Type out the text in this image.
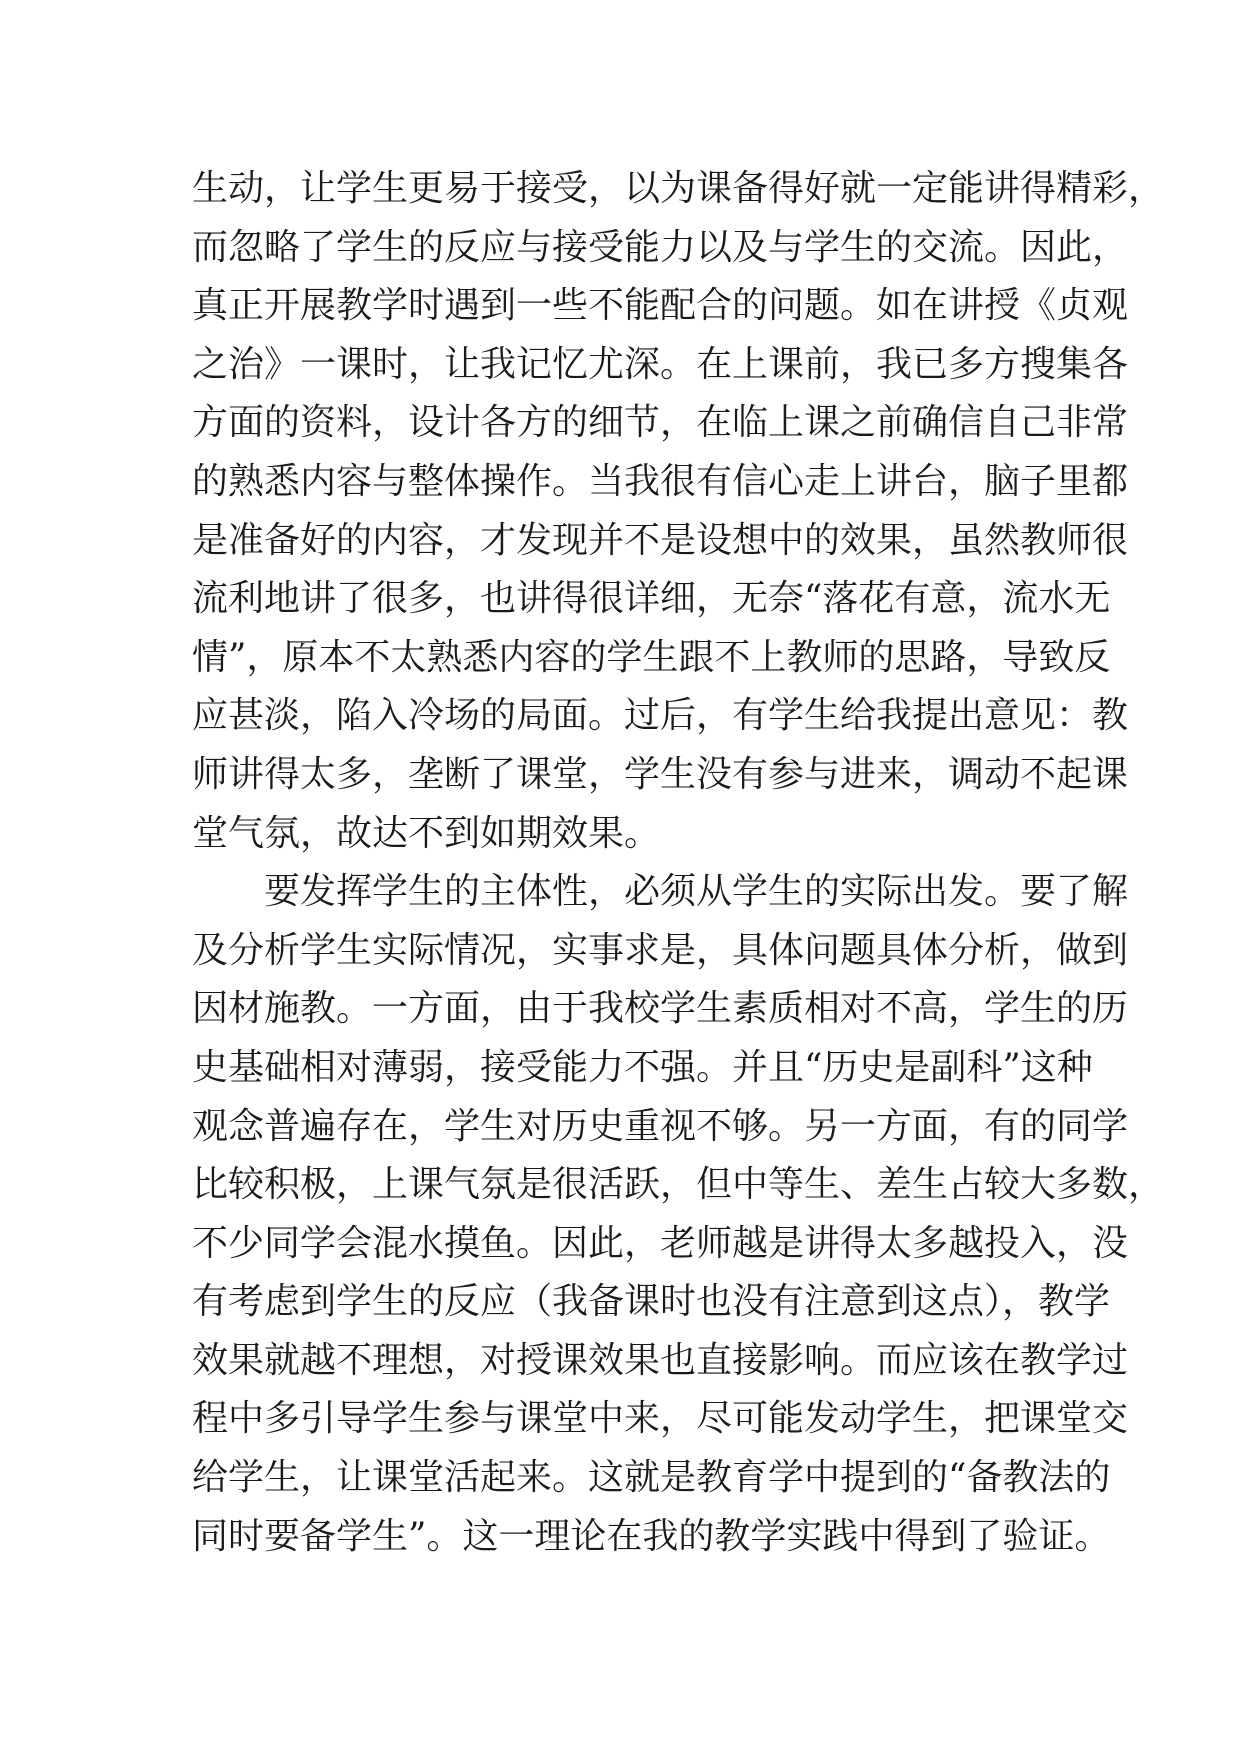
生动，让学生更易于接受，以为课备得好就一定能讲得精彩，
而忽略了学生的反应与接受能力以及与学生的交流。因此，
真正开展教学时遇到一些不能配合的问题。如在讲授《贞观
之治》一课时，让我记忆尤深。在上课前，我已多方搜集各
方面的资料，设计各方的细节，在临上课之前确信自己非常
的熟悉内容与整体操作。当我很有信心走上讲台，脑子里都
是准备好的内容，才发现并不是设想中的效果，虽然教师很
流利地讲了很多，也讲得很详细，无奈“落花有意，流水无
情”，原本不太熟悉内容的学生跟不上教师的思路，导致反
应甚淡，陷入冷场的局面。过后，有学生给我提出意见：教
师讲得太多，垄断了课堂，学生没有参与进来，调动不起课
堂气氛，故达不到如期效果。
要发挥学生的主体性，必须从学生的实际出发。要了解
及分析学生实际情况，实事求是，具体问题具体分析，做到
因材施教。一方面，由于我校学生素质相对不高，学生的历
史基础相对薄弱，接受能力不强。并且“历史是副科”这种
观念普遍存在，学生对历史重视不够。另一方面，有的同学
比较积极，上课气氛是很活跃，但中等生、差生占较大多数，
不少同学会混水摸鱼。因此，老师越是讲得太多越投入，没
有考虑到学生的反应（我备课时也没有注意到这点），教学
效果就越不理想，对授课效果也直接影响。而应该在教学过
程中多引导学生参与课堂中来，尽可能发动学生，把课堂交
给学生，让课堂活起来。这就是教育学中提到的“备教法的
同时要备学生”。这一理论在我的教学实践中得到了验证。
